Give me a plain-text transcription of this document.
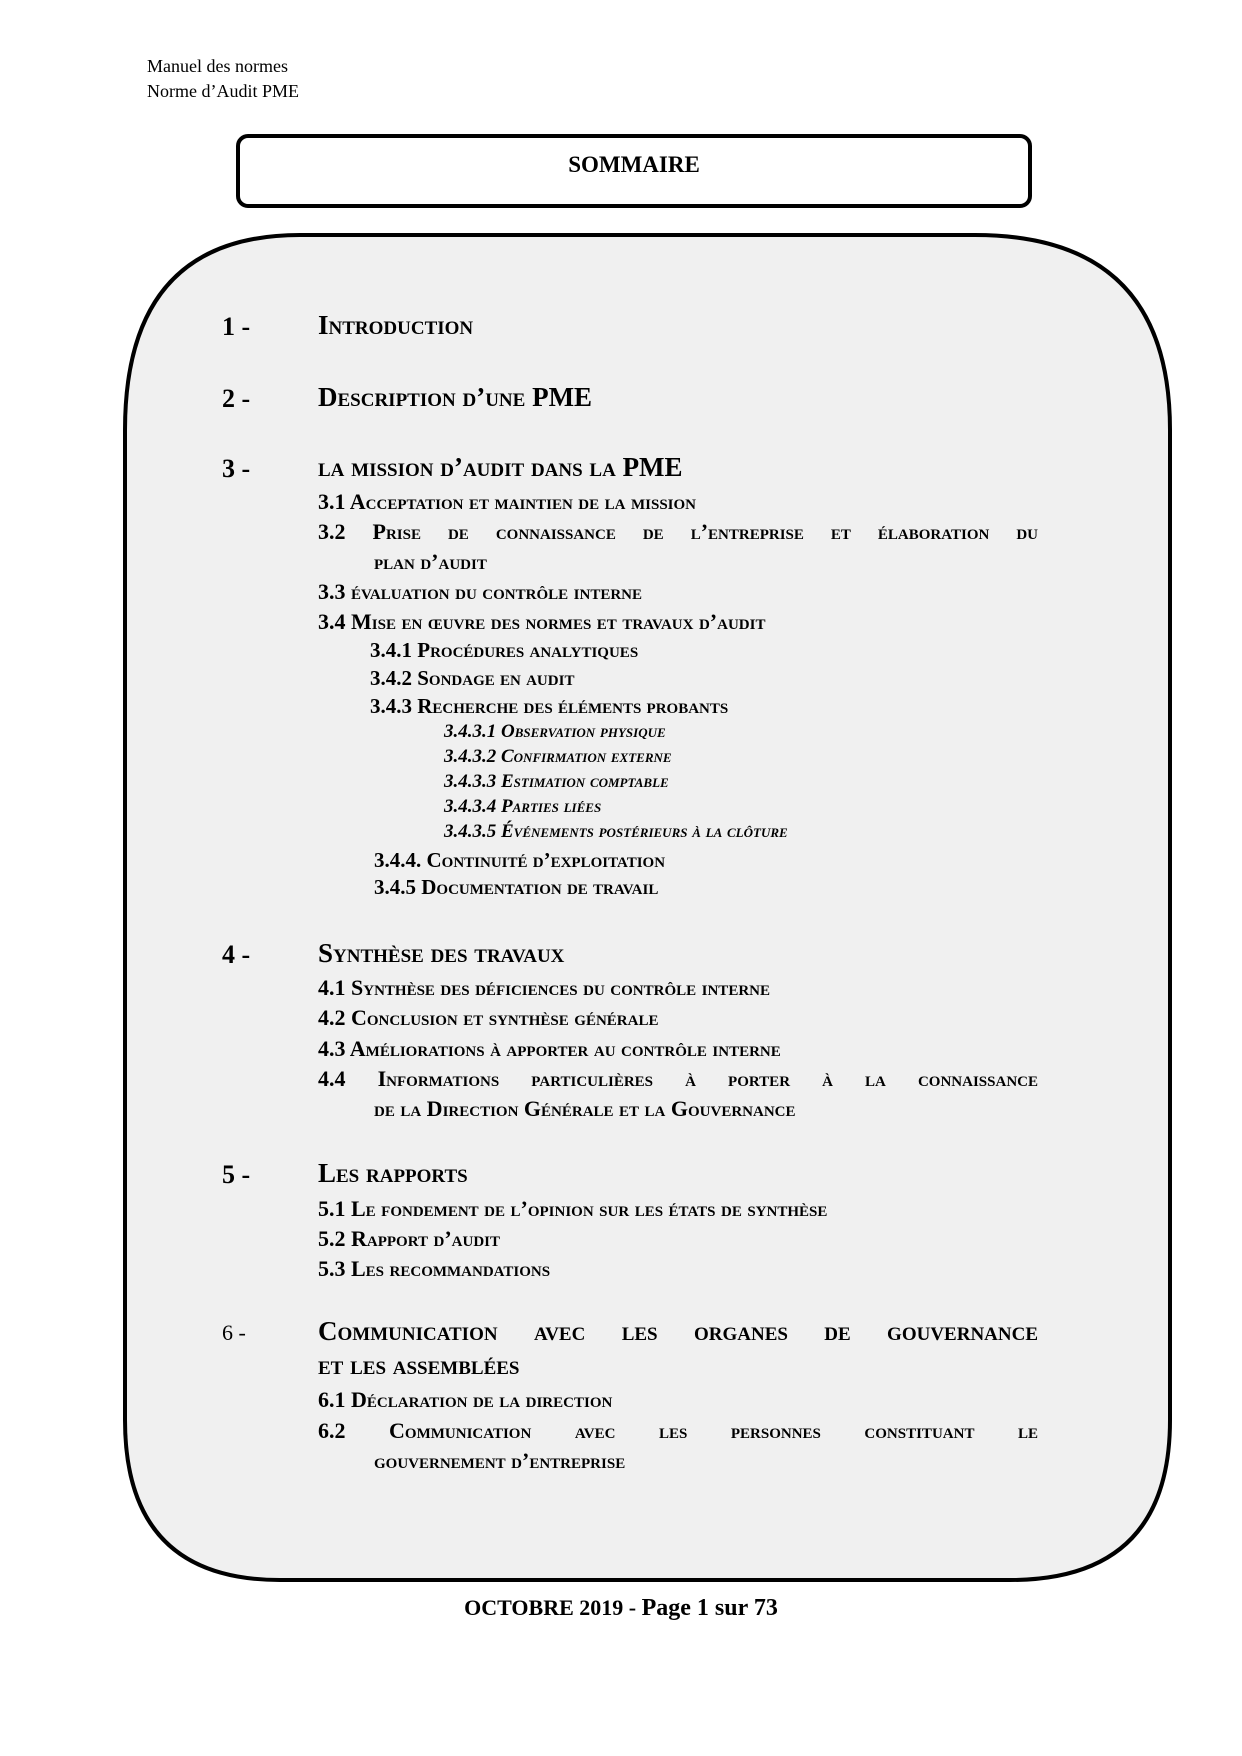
Manuel des normes
Norme d’Audit PME
SOMMAIRE
1 -	Introduction
2 -	Description d’une PME
3 -	la mission d’audit dans la PME
3.1 Acceptation et maintien de la mission
3.2 Prise de connaissance de l’entreprise et élaboration du
plan d’audit
3.3 évaluation du contrôle interne
3.4 Mise en œuvre des normes et travaux d’audit
3.4.1 Procédures analytiques
3.4.2 Sondage en audit
3.4.3 Recherche des éléments probants
3.4.3.1 Observation physique
3.4.3.2 Confirmation externe
3.4.3.3 Estimation comptable
3.4.3.4 Parties liées
3.4.3.5 Événements postérieurs à la clôture
3.4.4. Continuité d’exploitation
3.4.5 Documentation de travail
4 -	Synthèse des travaux
4.1 Synthèse des déficiences du contrôle interne
4.2 Conclusion et synthèse générale
4.3 Améliorations à apporter au contrôle interne
4.4 Informations particulières à porter à la connaissance
de la Direction Générale et la Gouvernance
5 -	Les rapports
5.1 Le fondement de l’opinion sur les états de synthèse
5.2 Rapport d’audit
5.3 Les recommandations
6 -	Communication avec les organes de gouvernance
et les assemblées
6.1 Déclaration de la direction
6.2 Communication avec les personnes constituant le
gouvernement d’entreprise
OCTOBRE 2019 - Page 1 sur 73
